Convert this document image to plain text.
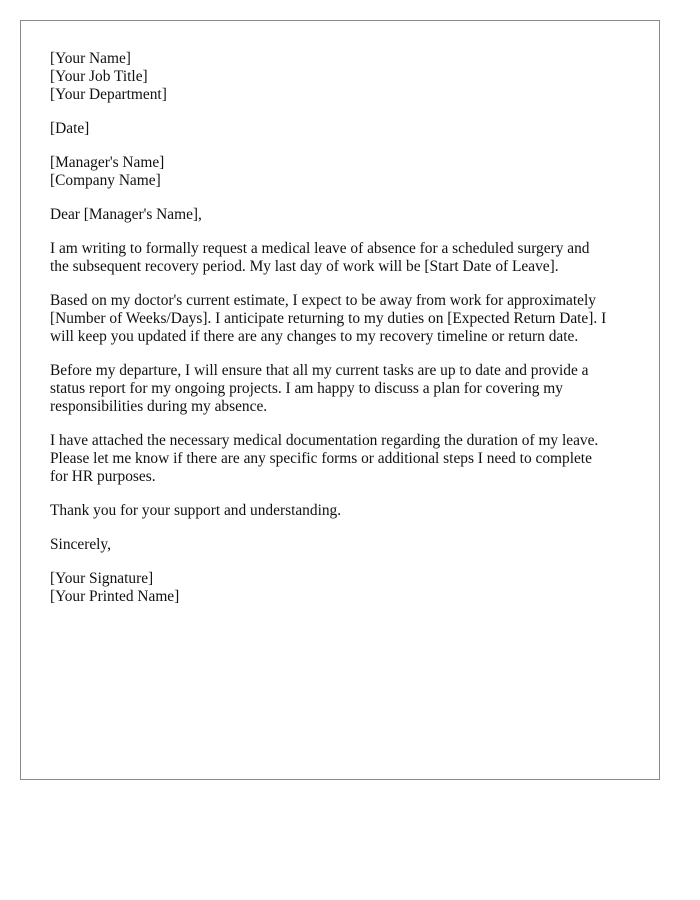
[Your Name]
[Your Job Title]
[Your Department]
[Date]
[Manager's Name]
[Company Name]
Dear [Manager's Name],
I am writing to formally request a medical leave of absence for a scheduled surgery and
the subsequent recovery period. My last day of work will be [Start Date of Leave].
Based on my doctor's current estimate, I expect to be away from work for approximately
[Number of Weeks/Days]. I anticipate returning to my duties on [Expected Return Date]. I
will keep you updated if there are any changes to my recovery timeline or return date.
Before my departure, I will ensure that all my current tasks are up to date and provide a
status report for my ongoing projects. I am happy to discuss a plan for covering my
responsibilities during my absence.
I have attached the necessary medical documentation regarding the duration of my leave.
Please let me know if there are any specific forms or additional steps I need to complete
for HR purposes.
Thank you for your support and understanding.
Sincerely,
[Your Signature]
[Your Printed Name]
